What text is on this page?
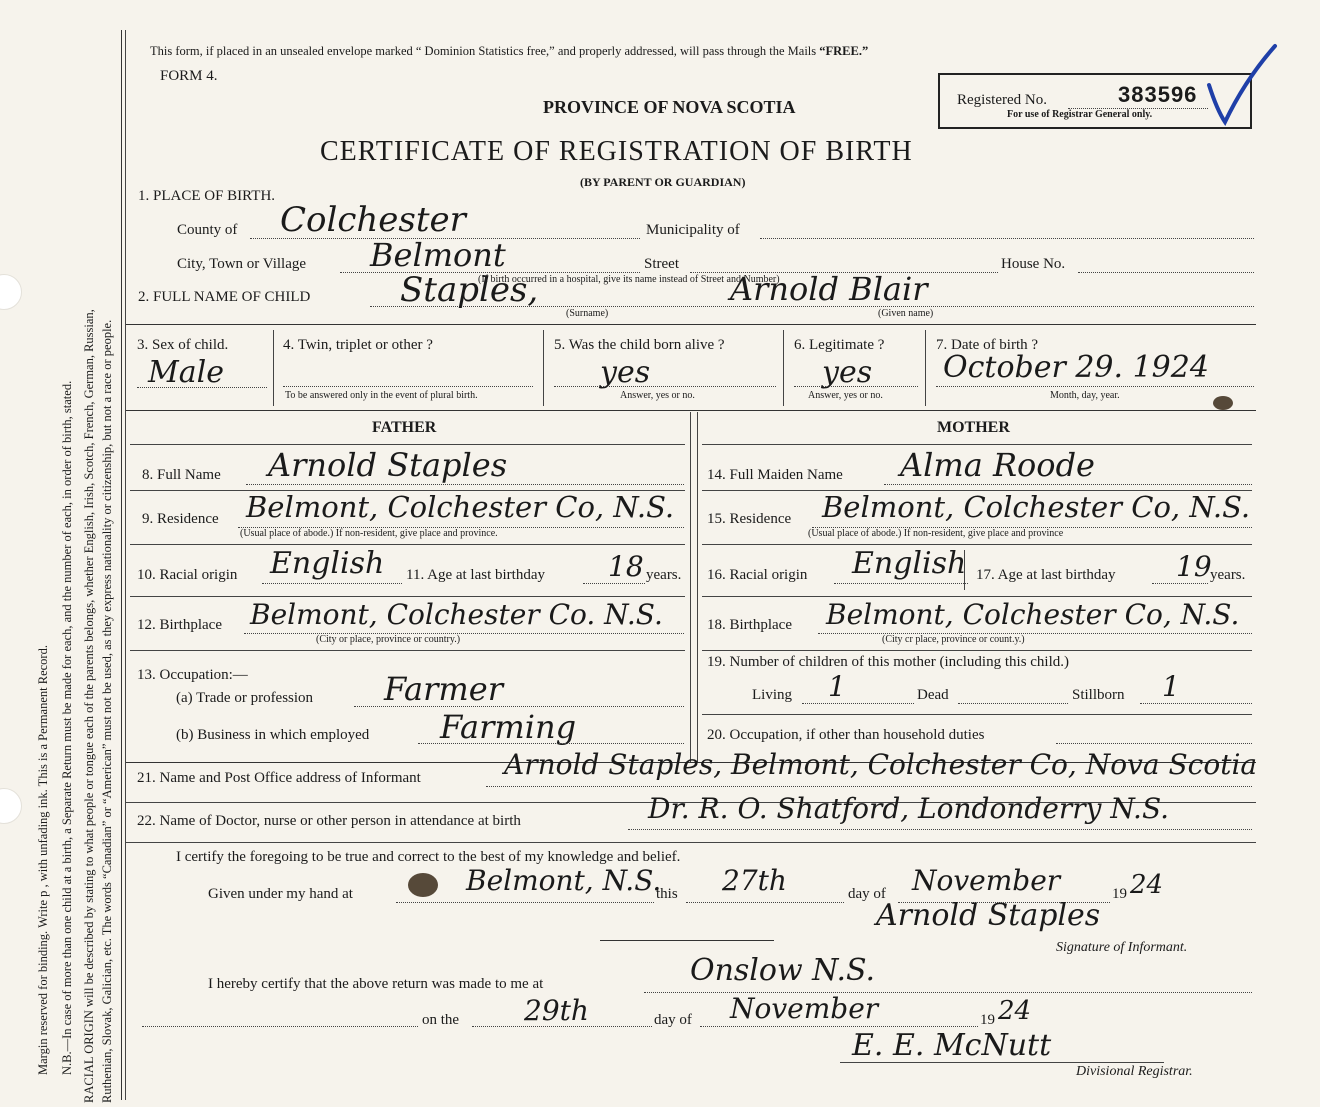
Margin reserved for binding. Write p , with unfading ink. This is a Permanent Record. N.B.—In case of more than one child at a birth, a Separate Return must be made for each, and the number of each, in order of birth, stated. RACIAL ORIGIN will be described by stating to what people or tongue each of the parents belongs, whether English, Irish, Scotch, French, German, Russian, Ruthenian, Slovak, Galician, etc. The words “Canadian” or “American” must not be used, as they express nationality or citizenship, but not a race or people.
This form, if placed in an unsealed envelope marked “ Dominion Statistics free,” and properly addressed, will pass through the Mails “FREE.”
FORM 4.
PROVINCE OF NOVA SCOTIA	Registered No.	383596
For use of Registrar General only.
CERTIFICATE OF REGISTRATION OF BIRTH
(BY PARENT OR GUARDIAN)
1. PLACE OF BIRTH.
County of Colchester	Municipality of
City, Town or Village Belmont	Street	House No.
(If birth occurred in a hospital, give its name instead of Street and Number)
2. FULL NAME OF CHILD	Staples,
(Surname)
Arnold Blair
(Given name)
3. Sex of child.
Male
4. Twin, triplet or other ?
To be answered only in the event of plural birth.
5. Was the child born alive ?
yes
Answer, yes or no.
6. Legitimate ?
yes
Answer, yes or no.
7. Date of birth ?
October 29. 1924
Month, day, year.
FATHER	MOTHER
8. Full Name Arnold Staples
9. Residence Belmont, Colchester Co, N.S.
(Usual place of abode.) If non-resident, give place and province.
10. Racial origin English 11. Age at last birthday 18 years.
12. Birthplace Belmont, Colchester Co. N.S.
(City or place, province or country.)
13. Occupation:—
(a) Trade or profession Farmer
(b) Business in which employed Farming
14. Full Maiden Name Alma Roode
15. Residence Belmont, Colchester Co, N.S.
(Usual place of abode.) If non-resident, give place and province
16. Racial origin English 17. Age at last birthday 19
years.
18. Birthplace Belmont, Colchester Co, N.S.
(City cr place, province or count.y.)
19. Number of children of this mother (including this child.)
Living 1	Dead	Stillborn 1
20. Occupation, if other than household duties
21. Name and Post Office address of Informant	Arnold Staples, Belmont, Colchester Co, Nova Scotia
22. Name of Doctor, nurse or other person in attendance at birth	Dr. R. O. Shatford, Londonderry N.S.
I certify the foregoing to be true and correct to the best of my knowledge and belief.
Given under my hand at	Belmont, N.S.
this 27th	day of November	19 24
Arnold Staples
Signature of Informant.
I hereby certify that the above return was made to me at	Onslow N.S.
on the 29th	day of November	19 24
E. E. McNutt
Divisional Registrar.
